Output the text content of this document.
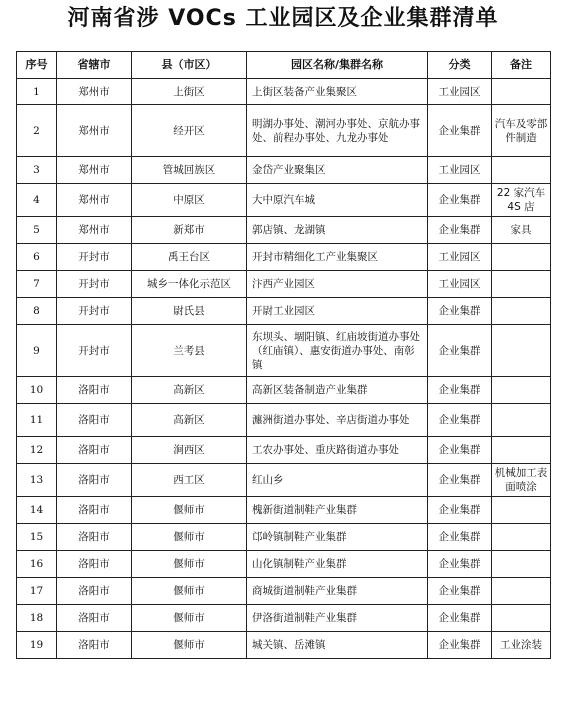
河南省涉 VOCs 工业园区及企业集群清单
序号	省辖市	县（市区）	园区名称/集群名称	分类	备注
1	郑州市	上街区	上街区装备产业集聚区	工业园区	
2	郑州市	经开区	明湖办事处、潮河办事处、京航办事处、前程办事处、九龙办事处	企业集群	汽车及零部件制造
3	郑州市	管城回族区	金岱产业聚集区	工业园区	
4	郑州市	中原区	大中原汽车城	企业集群	22 家汽车 4S 店
5	郑州市	新郑市	郭店镇、龙湖镇	企业集群	家具
6	开封市	禹王台区	开封市精细化工产业集聚区	工业园区	
7	开封市	城乡一体化示范区	汴西产业园区	工业园区	
8	开封市	尉氏县	开尉工业园区	企业集群	
9	开封市	兰考县	东坝头、堌阳镇、红庙坡街道办事处（红庙镇）、惠安街道办事处、南彰镇	企业集群	
10	洛阳市	高新区	高新区装备制造产业集群	企业集群	
11	洛阳市	高新区	瀍洲街道办事处、辛店街道办事处	企业集群	
12	洛阳市	涧西区	工农办事处、重庆路街道办事处	企业集群	
13	洛阳市	西工区	红山乡	企业集群	机械加工表面喷涂
14	洛阳市	偃师市	槐新街道制鞋产业集群	企业集群	
15	洛阳市	偃师市	邙岭镇制鞋产业集群	企业集群	
16	洛阳市	偃师市	山化镇制鞋产业集群	企业集群	
17	洛阳市	偃师市	商城街道制鞋产业集群	企业集群	
18	洛阳市	偃师市	伊洛街道制鞋产业集群	企业集群	
19	洛阳市	偃师市	城关镇、岳滩镇	企业集群	工业涂装
